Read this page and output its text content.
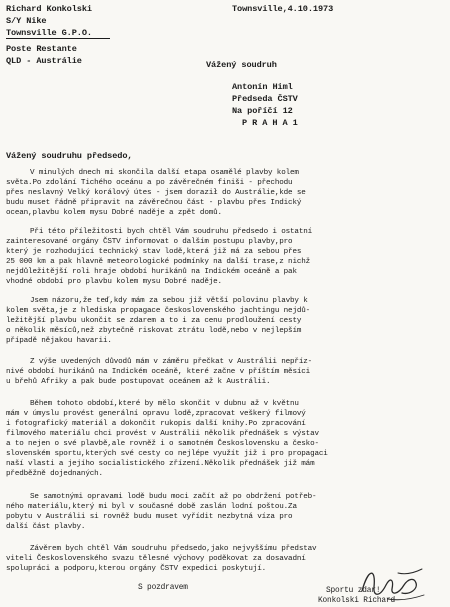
Richard Konkolski
S/Y Nike
Townsville G.P.O.
Poste Restante
QLD - Austrálie
Townsville,4.10.1973
Vážený soudruh
Antonín Himl
Předseda ČSTV
Na poříčí 12
P R A H A 1
Vážený soudruhu předsedo,
V minulých dnech mi skončila další etapa osamělé plavby kolem
světa.Po zdolání Tichého oceánu a po závěrečném finiši - přechodu
přes neslavný Velký korálový útes - jsem doraził do Austrálie,kde se
budu muset řádně připravit na závěrečnou část - plavbu přes Indický
ocean,plavbu kolem mysu Dobré naděje a zpět domů.
Při této příležitosti bych chtěl Vám soudruhu předsedo i ostatní
zainteresované orgány ČSTV informovat o dalším postupu plavby,pro
který je rozhodující technický stav lodě,která již má za sebou přes
25 000 km a pak hlavně meteorologické podmínky na další trase,z nichž
nejdůležitější roli hraje období hurikánů na Indickém oceáně a pak
vhodné období pro plavbu kolem mysu Dobré naděje.
Jsem názoru,že teď,kdy mám za sebou již větší polovinu plavby k
kolem světa,je z hlediska propagace československého jachtingu nejdů-
ležitější plavbu ukončit se zdarem a to i za cenu prodloužení cesty
o několik měsíců,než zbytečně riskovat ztrátu lodě,nebo v nejlepším
případě nějakou havarii.
Z výše uvedených důvodů mám v záměru přečkat v Austrálii nepříz-
nivé období hurikánů na Indickém oceáně, které začne v příštím měsíci
u břehů Afriky a pak bude postupovat oceánem až k Austrálii.
Během tohoto období,které by mělo skončit v dubnu až v květnu
mám v úmyslu provést generální opravu lodě,zpracovat veškerý filmový
i fotografický materiál a dokončit rukopis další knihy.Po zpracování
filmového materiálu chci provést v Austrálii několik přednášek s výstav
a to nejen o své plavbě,ale rovněž i o samotném Československu a česko-
slovenském sportu,kterých své cesty co nejlépe využít již i pro propagaci
naší vlasti a jejího socialistického zřízení.Několik přednášek již mám
předběžně dojednaných.
Se samotnými opravami lodě budu moci začít až po obdržení potřeb-
ného materiálu,který mi byl v současné době zaslán lodní poštou.Za
pobytu v Austrálii si rovněž budu muset vyřídit nezbytná víza pro
další část plavby.
Závěrem bych chtěl Vám soudruhu předsedo,jako nejvyššímu představ
viteli Československého svazu tělesné výchovy poděkovat za dosavadní
spolupráci a podporu,kterou orgány ČSTV expedici poskytují.
S pozdravem	Sportu zdar!
Konkolski Richard
